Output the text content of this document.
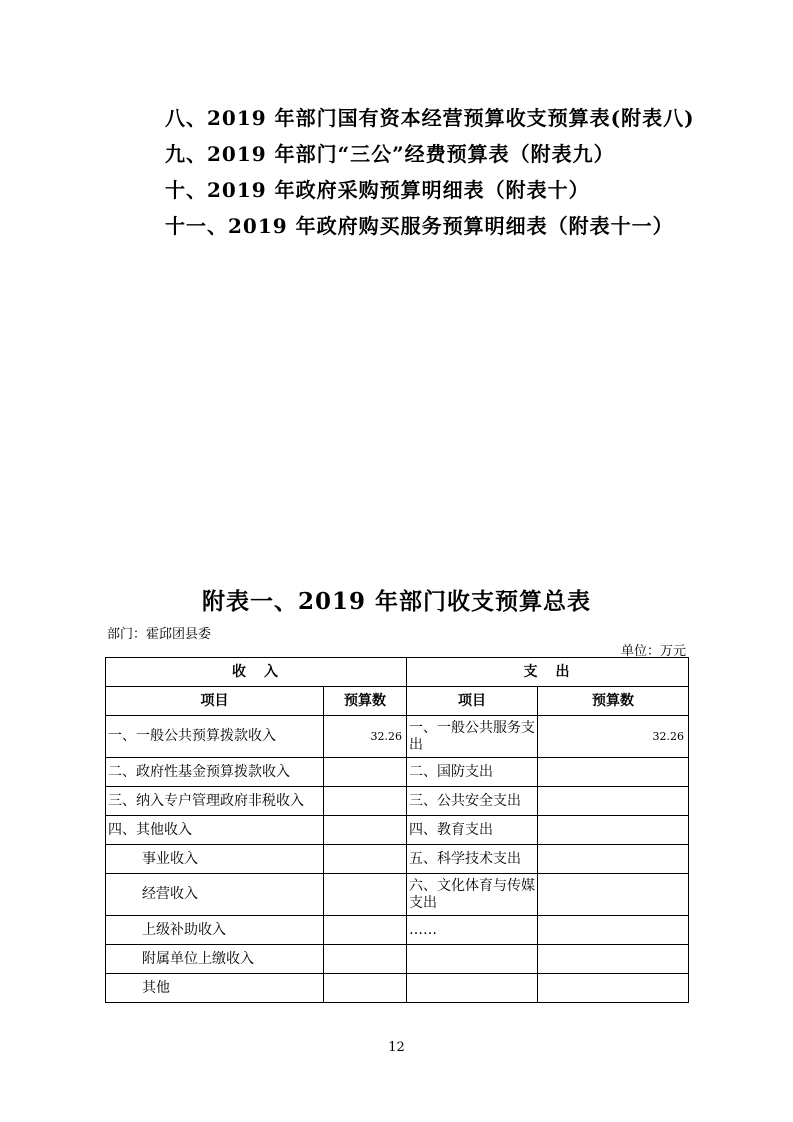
八、2019 年部门国有资本经营预算收支预算表(附表八)
九、2019 年部门“三公”经费预算表（附表九）
十、2019 年政府采购预算明细表（附表十）
十一、2019 年政府购买服务预算明细表（附表十一）
附表一、2019 年部门收支预算总表
部门：霍邱团县委
单位：万元
收　入		支　出	
项目	预算数	项目	预算数
一、一般公共预算拨款收入	32.26	一、一般公共服务支出	32.26
二、政府性基金预算拨款收入		二、国防支出	
三、纳入专户管理政府非税收入		三、公共安全支出	
四、其他收入		四、教育支出	
事业收入		五、科学技术支出	
经营收入		六、文化体育与传媒支出	
上级补助收入		……	
附属单位上缴收入			
其他			
12
